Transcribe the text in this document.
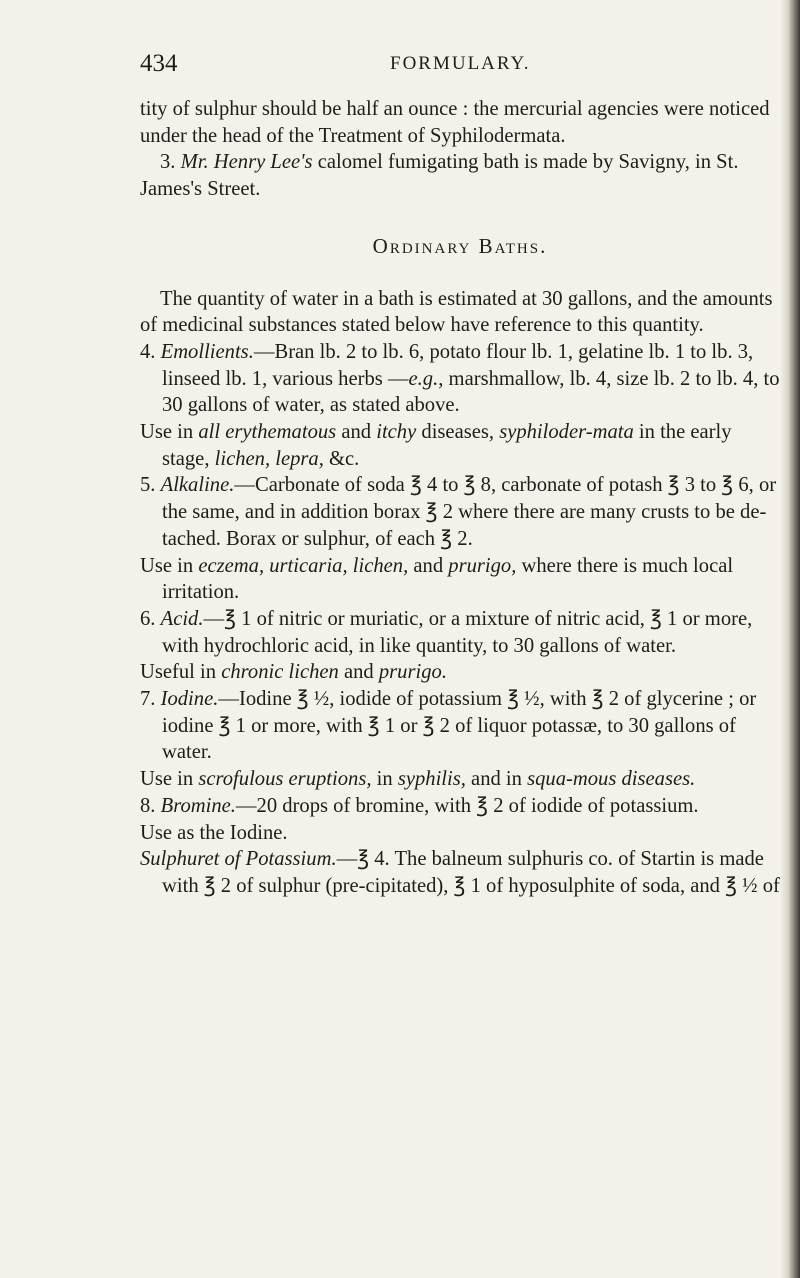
434	FORMULARY.

tity of sulphur should be half an ounce : the mercurial agencies were noticed under the head of the Treatment of Syphilodermata.

3. Mr. Henry Lee's calomel fumigating bath is made by Savigny, in St. James's Street.

Ordinary Baths.

The quantity of water in a bath is estimated at 30 gallons, and the amounts of medicinal substances stated below have reference to this quantity.

4. Emollients.—Bran lb. 2 to lb. 6, potato flour lb. 1, gelatine lb. 1 to lb. 3, linseed lb. 1, various herbs —e.g., marshmallow, lb. 4, size lb. 2 to lb. 4, to 30 gallons of water, as stated above.

Use in all erythematous and itchy diseases, syphiloder-mata in the early stage, lichen, lepra, &c.

5. Alkaline.—Carbonate of soda ℥ 4 to ℥ 8, carbonate of potash ℥ 3 to ℥ 6, or the same, and in addition borax ℥ 2 where there are many crusts to be de-tached. Borax or sulphur, of each ℥ 2.

Use in eczema, urticaria, lichen, and prurigo, where there is much local irritation.

6. Acid.—℥ 1 of nitric or muriatic, or a mixture of nitric acid, ℥ 1 or more, with hydrochloric acid, in like quantity, to 30 gallons of water.

Useful in chronic lichen and prurigo.

7. Iodine.—Iodine ℥ ½, iodide of potassium ℥ ½, with ℥ 2 of glycerine ; or iodine ℥ 1 or more, with ℥ 1 or ℥ 2 of liquor potassæ, to 30 gallons of water.

Use in scrofulous eruptions, in syphilis, and in squa-mous diseases.

8. Bromine.—20 drops of bromine, with ℥ 2 of iodide of potassium.

Use as the Iodine.

Sulphuret of Potassium.—℥ 4. The balneum sulphuris co. of Startin is made with ℥ 2 of sulphur (pre-cipitated), ℥ 1 of hyposulphite of soda, and ℥ ½ of
